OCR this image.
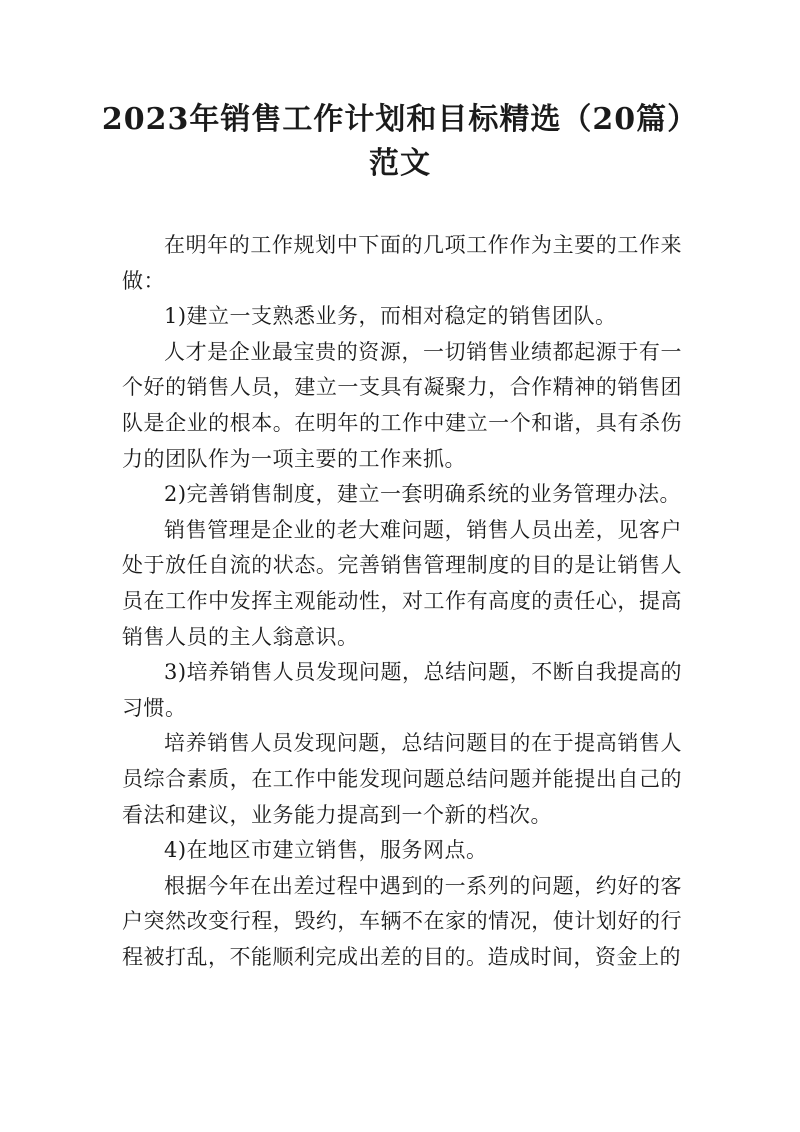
2023年销售工作计划和目标精选（20篇）
范文

在明年的工作规划中下面的几项工作作为主要的工作来做：

1)建立一支熟悉业务，而相对稳定的销售团队。

人才是企业最宝贵的资源，一切销售业绩都起源于有一个好的销售人员，建立一支具有凝聚力，合作精神的销售团队是企业的根本。在明年的工作中建立一个和谐，具有杀伤力的团队作为一项主要的工作来抓。

2)完善销售制度，建立一套明确系统的业务管理办法。

销售管理是企业的老大难问题，销售人员出差，见客户处于放任自流的状态。完善销售管理制度的目的是让销售人员在工作中发挥主观能动性，对工作有高度的责任心，提高销售人员的主人翁意识。

3)培养销售人员发现问题，总结问题，不断自我提高的习惯。

培养销售人员发现问题，总结问题目的在于提高销售人员综合素质，在工作中能发现问题总结问题并能提出自己的看法和建议，业务能力提高到一个新的档次。

4)在地区市建立销售，服务网点。

根据今年在出差过程中遇到的一系列的问题，约好的客户突然改变行程，毁约，车辆不在家的情况，使计划好的行程被打乱，不能顺利完成出差的目的。造成时间，资金上的
